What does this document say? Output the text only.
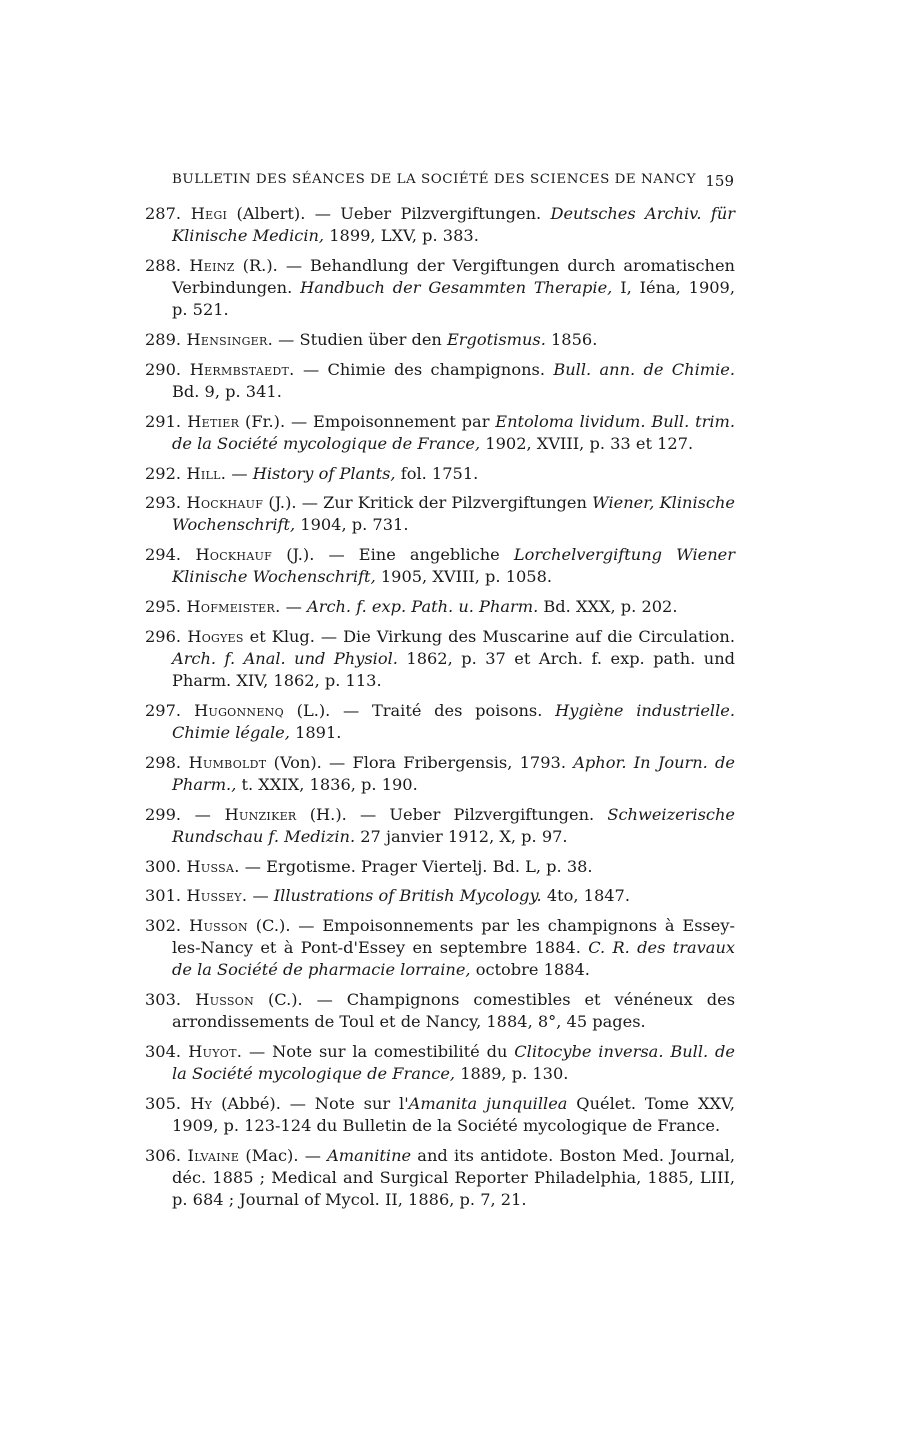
BULLETIN DES SÉANCES DE LA SOCIÉTÉ DES SCIENCES DE NANCY 159
287. Hegi (Albert). — Ueber Pilzvergiftungen. Deutsches Archiv. für Klinische Medicin, 1899, LXV, p. 383.
288. Heinz (R.). — Behandlung der Vergiftungen durch aromatischen Verbindungen. Handbuch der Gesammten Therapie, I, Iéna, 1909, p. 521.
289. Hensinger. — Studien über den Ergotismus. 1856.
290. Hermbstaedt. — Chimie des champignons. Bull. ann. de Chimie. Bd. 9, p. 341.
291. Hetier (Fr.). — Empoisonnement par Entoloma lividum. Bull. trim. de la Société mycologique de France, 1902, XVIII, p. 33 et 127.
292. Hill. — History of Plants, fol. 1751.
293. Hockhauf (J.). — Zur Kritick der Pilzvergiftungen Wiener, Klinische Wochenschrift, 1904, p. 731.
294. Hockhauf (J.). — Eine angebliche Lorchelvergiftung Wiener Klinische Wochenschrift, 1905, XVIII, p. 1058.
295. Hofmeister. — Arch. f. exp. Path. u. Pharm. Bd. XXX, p. 202.
296. Hogyes et Klug. — Die Virkung des Muscarine auf die Circulation. Arch. f. Anal. und Physiol. 1862, p. 37 et Arch. f. exp. path. und Pharm. XIV, 1862, p. 113.
297. Hugonnenq (L.). — Traité des poisons. Hygiène industrielle. Chimie légale, 1891.
298. Humboldt (Von). — Flora Fribergensis, 1793. Aphor. In Journ. de Pharm., t. XXIX, 1836, p. 190.
299. — Hunziker (H.). — Ueber Pilzvergiftungen. Schweizerische Rundschau f. Medizin. 27 janvier 1912, X, p. 97.
300. Hussa. — Ergotisme. Prager Viertelj. Bd. L, p. 38.
301. Hussey. — Illustrations of British Mycology. 4to, 1847.
302. Husson (C.). — Empoisonnements par les champignons à Essey-les-Nancy et à Pont-d'Essey en septembre 1884. C. R. des travaux de la Société de pharmacie lorraine, octobre 1884.
303. Husson (C.). — Champignons comestibles et vénéneux des arrondissements de Toul et de Nancy, 1884, 8°, 45 pages.
304. Huyot. — Note sur la comestibilité du Clitocybe inversa. Bull. de la Société mycologique de France, 1889, p. 130.
305. Hy (Abbé). — Note sur l'Amanita junquillea Quélet. Tome XXV, 1909, p. 123-124 du Bulletin de la Société mycologique de France.
306. Ilvaine (Mac). — Amanitine and its antidote. Boston Med. Journal, déc. 1885 ; Medical and Surgical Reporter Philadelphia, 1885, LIII, p. 684 ; Journal of Mycol. II, 1886, p. 7, 21.
